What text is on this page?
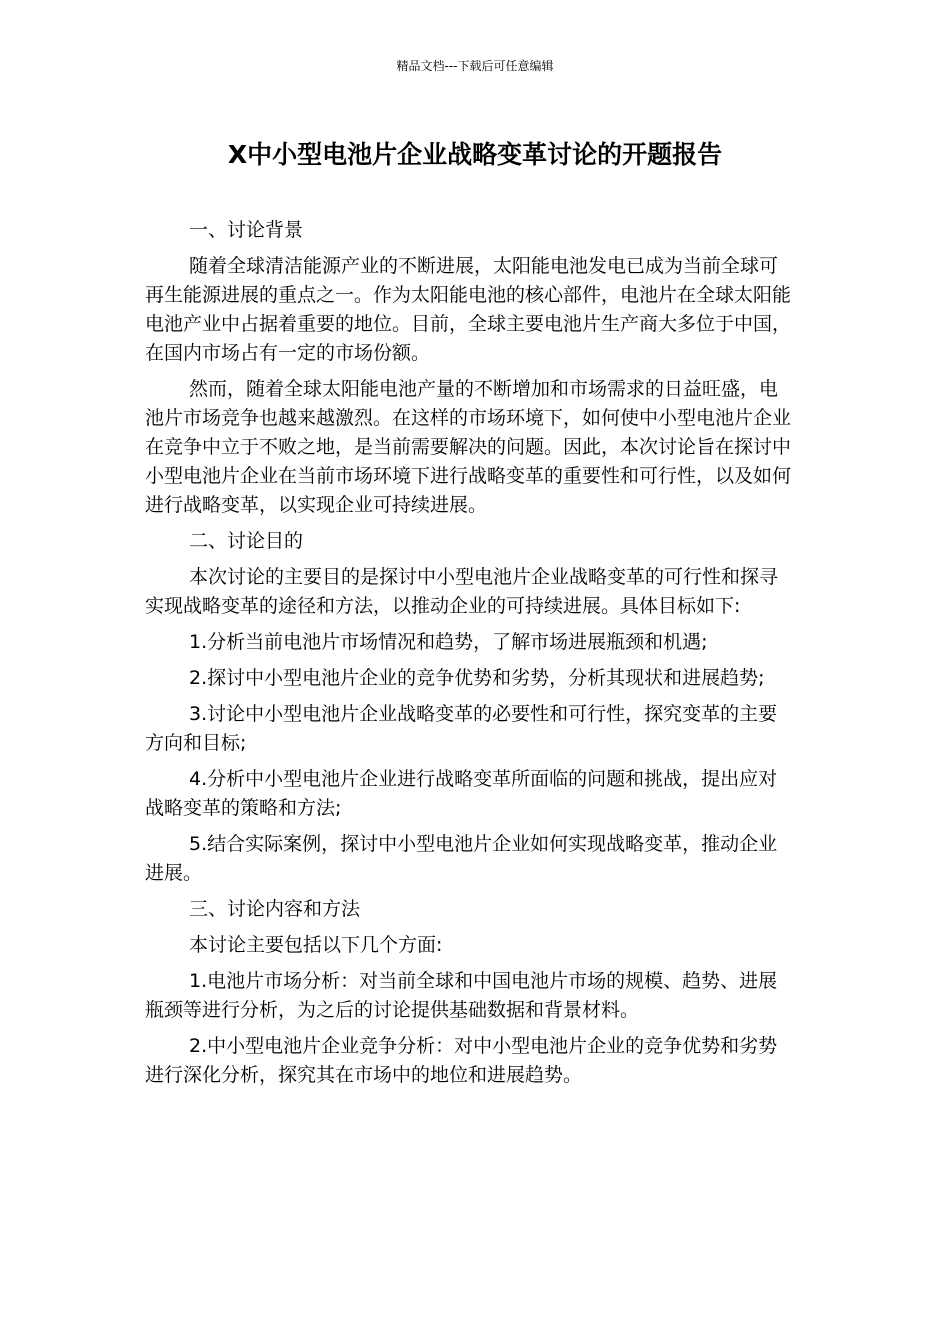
精品文档---下载后可任意编辑
X中小型电池片企业战略变革讨论的开题报告

一、讨论背景

随着全球清洁能源产业的不断进展，太阳能电池发电已成为当前全球可再生能源进展的重点之一。作为太阳能电池的核心部件，电池片在全球太阳能电池产业中占据着重要的地位。目前，全球主要电池片生产商大多位于中国，在国内市场占有一定的市场份额。

然而，随着全球太阳能电池产量的不断增加和市场需求的日益旺盛，电池片市场竞争也越来越激烈。在这样的市场环境下，如何使中小型电池片企业在竞争中立于不败之地，是当前需要解决的问题。因此，本次讨论旨在探讨中小型电池片企业在当前市场环境下进行战略变革的重要性和可行性，以及如何进行战略变革，以实现企业可持续进展。

二、讨论目的

本次讨论的主要目的是探讨中小型电池片企业战略变革的可行性和探寻实现战略变革的途径和方法，以推动企业的可持续进展。具体目标如下:

1.分析当前电池片市场情况和趋势，了解市场进展瓶颈和机遇;

2.探讨中小型电池片企业的竞争优势和劣势，分析其现状和进展趋势;

3.讨论中小型电池片企业战略变革的必要性和可行性，探究变革的主要方向和目标;

4.分析中小型电池片企业进行战略变革所面临的问题和挑战，提出应对战略变革的策略和方法;

5.结合实际案例，探讨中小型电池片企业如何实现战略变革，推动企业进展。

三、讨论内容和方法

本讨论主要包括以下几个方面:

1.电池片市场分析：对当前全球和中国电池片市场的规模、趋势、进展瓶颈等进行分析，为之后的讨论提供基础数据和背景材料。

2.中小型电池片企业竞争分析：对中小型电池片企业的竞争优势和劣势进行深化分析，探究其在市场中的地位和进展趋势。
